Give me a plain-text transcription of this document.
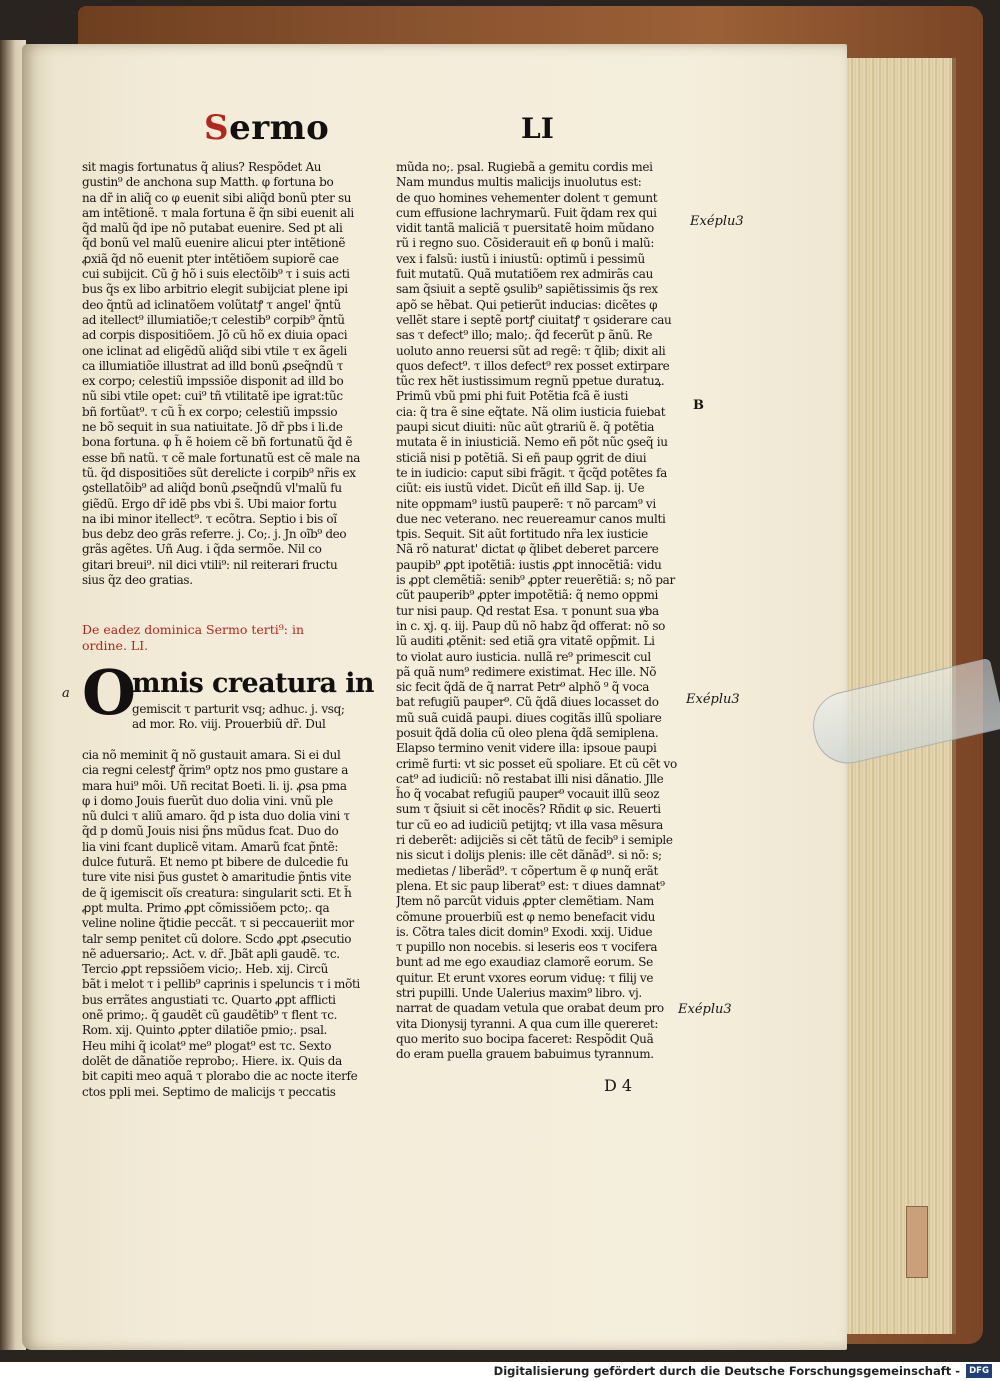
Sermo	LI
sit magis fortunatus q̃ alius? Respõdet Au
gustin⁹ de anchona sup Matth. φ fortuna bo
na dr̃ in aliq̃ co φ euenit sibi aliq̃d bonũ pter su
am intẽtionẽ. τ mala fortuna ẽ q̃n sibi euenit ali
q̃d malũ q̃d ipe nõ putabat euenire. Sed pt ali
q̃d bonũ vel malũ euenire alicui pter intẽtionẽ
ꝓxiã q̃d nõ euenit pter intẽtiõem supiorẽ cae
cui subijcit. Cũ ḡ hõ i suis electõib⁹ τ i suis acti
bus q̃s ex libo arbitrio elegit subijciat plene ipi
deo q̃ntũ ad iclinatõem volũtatꝭ τ angel' q̃ntũ
ad itellect⁹ illumiatiõe;τ celestib⁹ corpib⁹ q̃ntũ
ad corpis dispositiõem. Jõ cũ hõ ex diuia opaci
one iclinat ad eligẽdũ aliq̃d sibi vtile τ ex ãgeli
ca illumiatiõe illustrat ad illd bonũ ꝓseq̃ndũ τ
ex corpo; celestiũ impssiõe disponit ad illd bo
nũ sibi vtile opet: cui⁹ tñ vtilitatẽ ipe igrat:tũc
bñ fortũat⁹. τ cũ h̃ ex corpo; celestiũ impssio
ne bõ sequit in sua natiuitate. Jõ dr̃ pbs i li.de
bona fortuna. φ h̃ ẽ hoiem cẽ bñ fortunatũ q̃d ẽ
esse bñ natũ. τ cẽ male fortunatũ est cẽ male na
tũ. q̃d dispositiões sũt derelicte i corpib⁹ nr̃is ex
ꝯstellatõib⁹ ad aliq̃d bonũ ꝓseq̃ndũ vl'malũ fu
giẽdũ. Ergo dr̃ idẽ pbs vbi s̃. Ubi maior fortu
na ibi minor itellect⁹. τ ecõtra. Septio i bis oĩ
bus debz deo grãs referre. j. Co;. j. Jn oĩb⁹ deo
grãs agẽtes. Uñ Aug. i q̃da sermõe. Nil co
gitari breui⁹. nil dici vtili⁹: nil reiterari fructu
sius q̃z deo gratias.
De eadez dominica Sermo terti⁹: in
ordine. LI.
O
mnis creatura in
gemiscit τ parturit vsq; adhuc. j. vsq;
ad mor. Ro. viij. Prouerbiũ dr̃. Dul
cia nõ meminit q̃ nõ gustauit amara. Si ei dul
cia regni celestꝭ q̃rim⁹ optz nos pmo gustare a
mara hui⁹ mõi. Uñ recitat Boeti. li. ij. ꝓsa pma
φ i domo Jouis fuerũt duo dolia vini. vnũ ple
nũ dulci τ aliũ amaro. q̃d p ista duo dolia vini τ
q̃d p domũ Jouis nisi p̃ns mũdus fcat. Duo do
lia vini fcant duplicẽ vitam. Amarũ fcat p̃ntẽ:
dulce futurã. Et nemo pt bibere de dulcedie fu
ture vite nisi p̃us gustet ꝺ amaritudie p̃ntis vite
de q̃ igemiscit oĩs creatura: singularit scti. Et h̃
ꝓpt multa. Primo ꝓpt cõmissiõem pcto;. qa
veline noline q̃tidie peccãt. τ si peccaueriit mor
talr semp penitet cũ dolore. Scdo ꝓpt ꝓsecutio
nẽ aduersario;. Act. v. dr̃. Jbãt apli gaudẽ. τc.
Tercio ꝓpt repssiõem vicio;. Heb. xij. Circũ
bãt i melot τ i pellib⁹ caprinis i speluncis τ i mõti
bus errãtes angustiati τc. Quarto ꝓpt afflicti
onẽ primo;. q̃ gaudẽt cũ gaudẽtib⁹ τ flent τc.
Rom. xij. Quinto ꝓpter dilatiõe pmio;. psal.
Heu mihi q̃ icolat⁹ me⁹ plogat⁹ est τc. Sexto
dolẽt de dãnatiõe reprobo;. Hiere. ix. Quis da
bit capiti meo aquã τ plorabo die ac nocte iterfe
ctos ppli mei. Septimo de malicijs τ peccatis
mũda no;. psal. Rugiebã a gemitu cordis mei
Nam mundus multis malicijs inuolutus est:
de quo homines vehementer dolent τ gemunt
cum effusione lachrymarũ. Fuit q̃dam rex qui
vidit tantã maliciã τ puersitatẽ hoim mũdano
rũ i regno suo. Cõsiderauit eñ φ bonũ i malũ:
vex i falsũ: iustũ i iniustũ: optimũ i pessimũ
fuit mutatũ. Quã mutatiõem rex admirãs cau
sam q̃siuit a septẽ ꝯsulib⁹ sapiẽtissimis q̃s rex
apõ se hẽbat. Qui petierũt inducias: dicẽtes φ
vellẽt stare i septẽ portꝭ ciuitatꝭ τ ꝯsiderare cau
sas τ defect⁹ illo; malo;. q̃d fecerũt p ãnũ. Re
uoluto anno reuersi sũt ad regẽ: τ q̃lib; dixit ali
quos defect⁹. τ illos defect⁹ rex posset extirpare
tũc rex hẽt iustissimum regnũ ppetue duratuꝝ.
Primũ vbũ pmi phi fuit Potẽtia fcã ẽ iusti
cia: q̃ tra ẽ sine eq̃tate. Nã olim iusticia fuiebat
paupi sicut diuiti: nũc aũt ꝯtrariũ ẽ. q̃ potẽtia
mutata ẽ in iniusticiã. Nemo eñ põt nũc ꝯseq̃ iu
sticiã nisi p potẽtiã. Si eñ paup ꝯgrit de diui
te in iudicio: caput sibi frãgit. τ q̃cq̃d potẽtes fa
ciũt: eis iustũ videt. Dicũt eñ illd Sap. ij. Ue
nite oppmam⁹ iustũ pauperẽ: τ nõ parcam⁹ vi
due nec veterano. nec reuereamur canos multi
tpis. Sequit. Sit aũt fortitudo nr̃a lex iusticie
Nã rõ naturat' dictat φ q̃libet deberet parcere
paupib⁹ ꝓpt ipotẽtiã: iustis ꝓpt innocẽtiã: vidu
is ꝓpt clemẽtiã: senib⁹ ꝓpter reuerẽtiã: s; nõ par
cũt pauperib⁹ ꝓpter impotẽtiã: q̃ nemo oppmi
tur nisi paup. Qd restat Esa. τ ponunt sua ꝟba
in c. xj. q. iij. Paup dũ nõ habz q̃d offerat: nõ so
lũ auditi ꝓtẽnit: sed etiã ꝯra vitatẽ opp̃mit. Li
to violat auro iusticia. nullã re⁹ primescit cul
pã quã num⁹ redimere existimat. Hec ille. Nõ
sic fecit q̃dã de q̃ narrat Petr⁹ alphõ ⁹ q̃ voca
bat refugiũ pauper⁹. Cũ q̃dã diues locasset do
mũ suã cuidã paupi. diues cogitãs illũ spoliare
posuit q̃dã dolia cũ oleo plena q̃dã semiplena.
Elapso termino venit videre illa: ipsoue paupi
crimẽ furti: vt sic posset eũ spoliare. Et cũ cẽt vo
cat⁹ ad iudiciũ: nõ restabat illi nisi dãnatio. Jlle
h̃o q̃ vocabat refugiũ pauper⁹ vocauit illũ seoz
sum τ q̃siuit si cẽt inocẽs? Rñdit φ sic. Reuerti
tur cũ eo ad iudiciũ petijtq; vt illa vasa mẽsura
ri deberẽt: adijciẽs si cẽt tãtũ de fecib⁹ i semiple
nis sicut i dolijs plenis: ille cẽt dãnãd⁹. si nõ: s;
medietas / liberãd⁹. τ cõpertum ẽ φ nunq̃ erãt
plena. Et sic paup liberat⁹ est: τ diues damnat⁹
Jtem nõ parcũt viduis ꝓpter clemẽtiam. Nam
cõmune prouerbiũ est φ nemo benefacit vidu
is. Cõtra tales dicit domin⁹ Exodi. xxij. Uidue
τ pupillo non nocebis. si leseris eos τ vocifera
bunt ad me ego exaudiaz clamorẽ eorum. Se
quitur. Et erunt vxores eorum viduę: τ filij ve
stri pupilli. Unde Ualerius maxim⁹ libro. vj.
narrat de quadam vetula que orabat deum pro
vita Dionysij tyranni. A qua cum ille quereret:
quo merito suo bocipa faceret: Respõdit Quã
do eram puella grauem babuimus tyrannum.
a
B
Exéplu3
Exéplu3
Exéplu3
D 4
Digitalisierung gefördert durch die Deutsche Forschungsgemeinschaft -	DFG
